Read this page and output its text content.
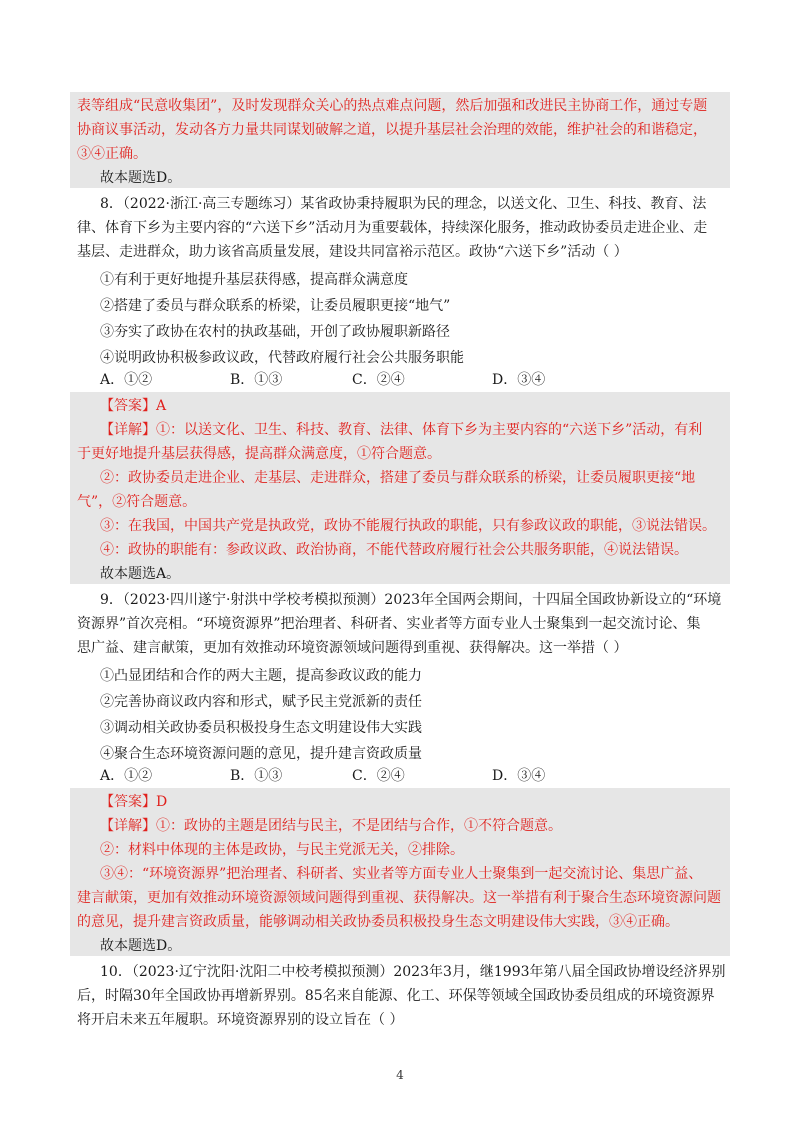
表等组成“民意收集团”，及时发现群众关心的热点难点问题，然后加强和改进民主协商工作，通过专题
协商议事活动，发动各方力量共同谋划破解之道，以提升基层社会治理的效能，维护社会的和谐稳定，
③④正确。
故本题选D。
8．（2022·浙江·高三专题练习）某省政协秉持履职为民的理念，以送文化、卫生、科技、教育、法
律、体育下乡为主要内容的“六送下乡”活动月为重要载体，持续深化服务，推动政协委员走进企业、走
基层、走进群众，助力该省高质量发展，建设共同富裕示范区。政协“六送下乡”活动（ ）
①有利于更好地提升基层获得感，提高群众满意度
②搭建了委员与群众联系的桥梁，让委员履职更接“地气”
③夯实了政协在农村的执政基础，开创了政协履职新路径
④说明政协积极参政议政，代替政府履行社会公共服务职能
A．①②	B．①③	C．②④	D．③④
【答案】A
【详解】①：以送文化、卫生、科技、教育、法律、体育下乡为主要内容的“六送下乡”活动，有利
于更好地提升基层获得感，提高群众满意度，①符合题意。
②：政协委员走进企业、走基层、走进群众，搭建了委员与群众联系的桥梁，让委员履职更接“地
气”，②符合题意。
③：在我国，中国共产党是执政党，政协不能履行执政的职能，只有参政议政的职能，③说法错误。
④：政协的职能有：参政议政、政治协商，不能代替政府履行社会公共服务职能，④说法错误。
故本题选A。
9．（2023·四川遂宁·射洪中学校考模拟预测）2023年全国两会期间，十四届全国政协新设立的“环境
资源界”首次亮相。“环境资源界”把治理者、科研者、实业者等方面专业人士聚集到一起交流讨论、集
思广益、建言献策，更加有效推动环境资源领域问题得到重视、获得解决。这一举措（ ）
①凸显团结和合作的两大主题，提高参政议政的能力
②完善协商议政内容和形式，赋予民主党派新的责任
③调动相关政协委员积极投身生态文明建设伟大实践
④聚合生态环境资源问题的意见，提升建言资政质量
A．①②	B．①③	C．②④	D．③④
【答案】D
【详解】①：政协的主题是团结与民主，不是团结与合作，①不符合题意。
②：材料中体现的主体是政协，与民主党派无关，②排除。
③④：“环境资源界”把治理者、科研者、实业者等方面专业人士聚集到一起交流讨论、集思广益、
建言献策，更加有效推动环境资源领域问题得到重视、获得解决。这一举措有利于聚合生态环境资源问题
的意见，提升建言资政质量，能够调动相关政协委员积极投身生态文明建设伟大实践，③④正确。
故本题选D。
10．（2023·辽宁沈阳·沈阳二中校考模拟预测）2023年3月，继1993年第八届全国政协增设经济界别
后，时隔30年全国政协再增新界别。85名来自能源、化工、环保等领域全国政协委员组成的环境资源界
将开启未来五年履职。环境资源界别的设立旨在（ ）
4
